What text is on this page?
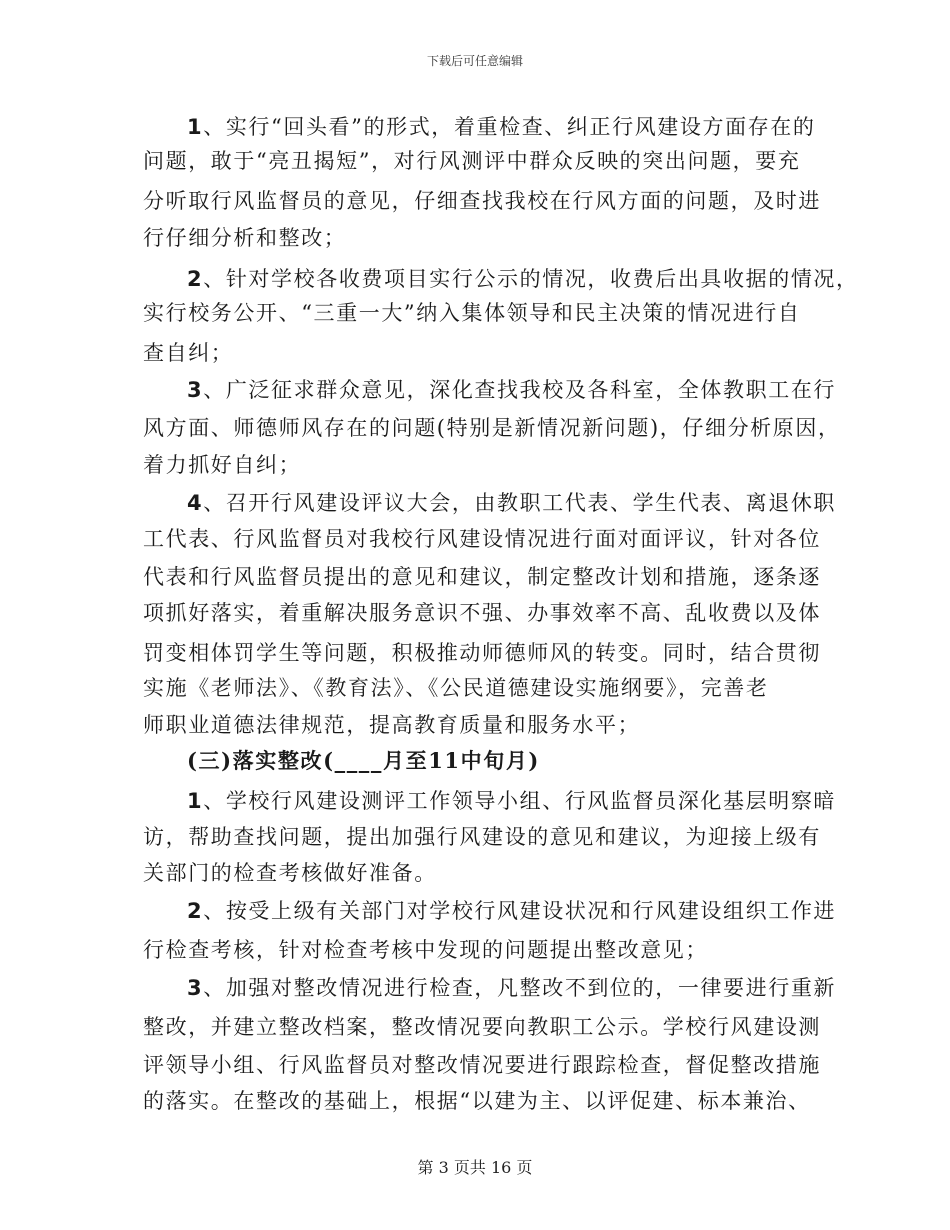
下载后可任意编辑
1、实行“回头看”的形式，着重检查、纠正行风建设方面存在的
问题，敢于“亮丑揭短”，对行风测评中群众反映的突出问题，要充
分听取行风监督员的意见，仔细查找我校在行风方面的问题，及时进
行仔细分析和整改；
2、针对学校各收费项目实行公示的情况，收费后出具收据的情况，
实行校务公开、“三重一大”纳入集体领导和民主决策的情况进行自
查自纠；
3、广泛征求群众意见，深化查找我校及各科室，全体教职工在行
风方面、师德师风存在的问题(特别是新情况新问题)，仔细分析原因，
着力抓好自纠；
4、召开行风建设评议大会，由教职工代表、学生代表、离退休职
工代表、行风监督员对我校行风建设情况进行面对面评议，针对各位
代表和行风监督员提出的意见和建议，制定整改计划和措施，逐条逐
项抓好落实，着重解决服务意识不强、办事效率不高、乱收费以及体
罚变相体罚学生等问题，积极推动师德师风的转变。同时，结合贯彻
实施《老师法》、《教育法》、《公民道德建设实施纲要》，完善老
师职业道德法律规范，提高教育质量和服务水平；
(三)落实整改(____月至11中旬月)
1、学校行风建设测评工作领导小组、行风监督员深化基层明察暗
访，帮助查找问题，提出加强行风建设的意见和建议，为迎接上级有
关部门的检查考核做好准备。
2、按受上级有关部门对学校行风建设状况和行风建设组织工作进
行检查考核，针对检查考核中发现的问题提出整改意见；
3、加强对整改情况进行检查，凡整改不到位的，一律要进行重新
整改，并建立整改档案，整改情况要向教职工公示。学校行风建设测
评领导小组、行风监督员对整改情况要进行跟踪检查，督促整改措施
的落实。在整改的基础上，根据“以建为主、以评促建、标本兼治、
第 3 页共 16 页
